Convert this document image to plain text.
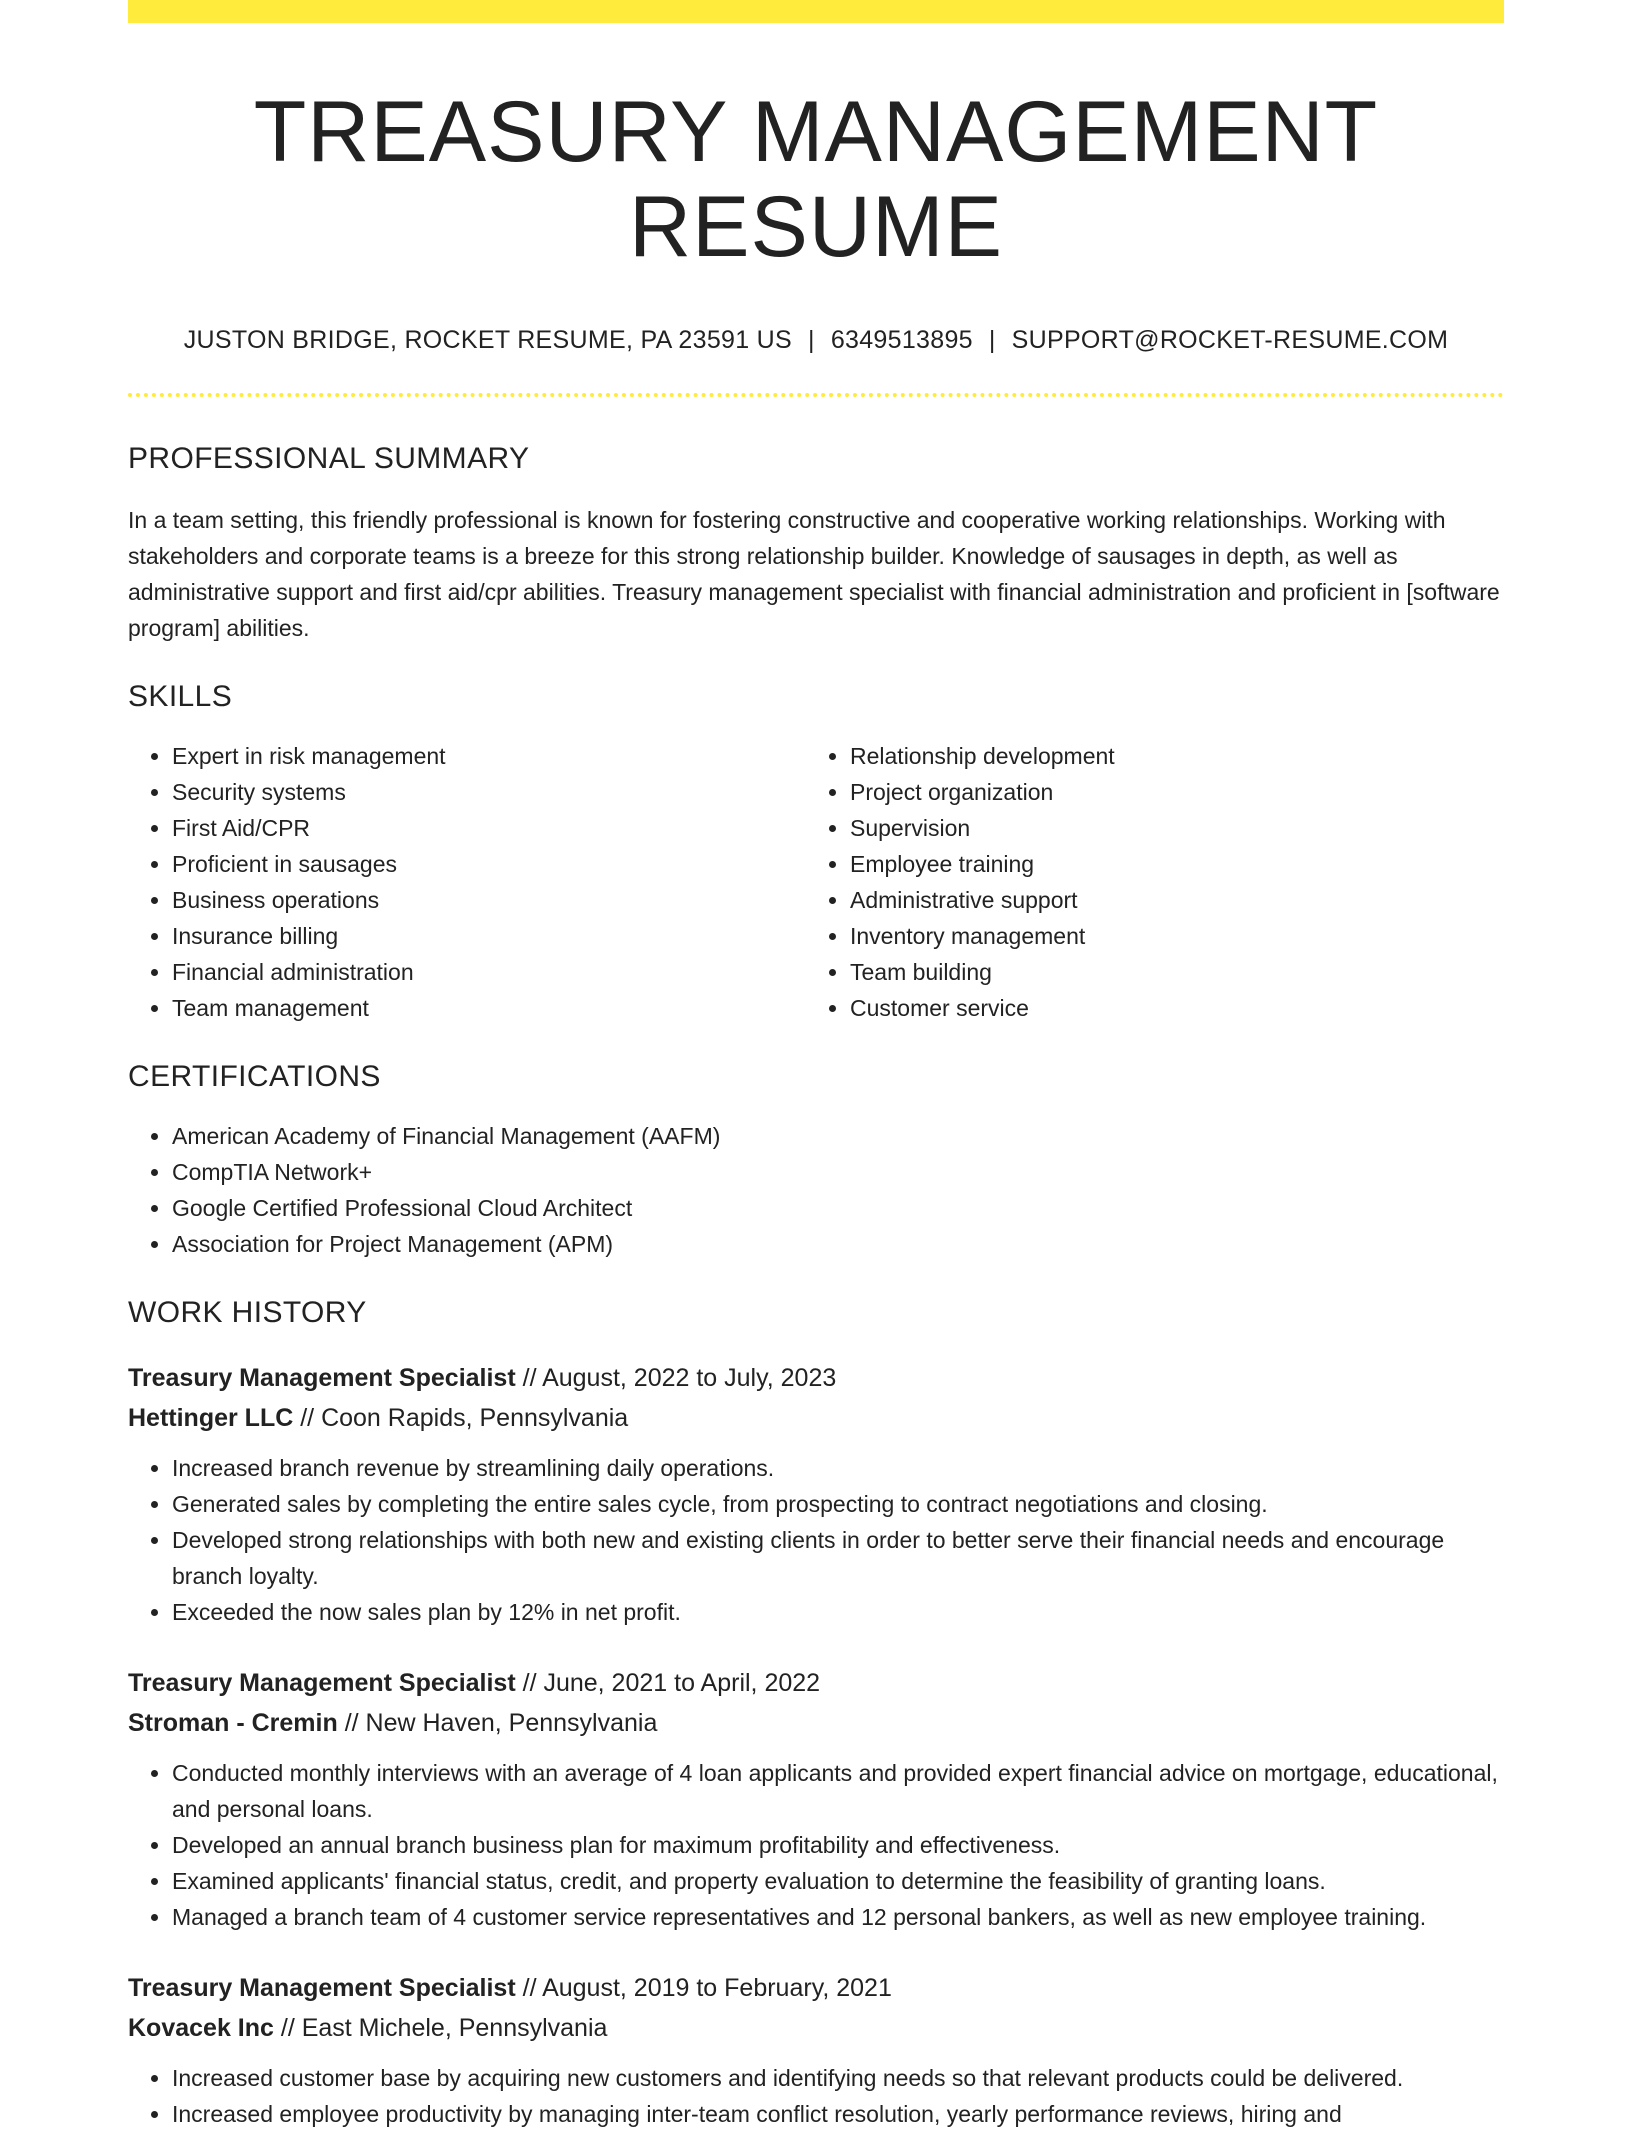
TREASURY MANAGEMENT RESUME
JUSTON BRIDGE, ROCKET RESUME, PA 23591 US | 6349513895 | SUPPORT@ROCKET-RESUME.COM
PROFESSIONAL SUMMARY
In a team setting, this friendly professional is known for fostering constructive and cooperative working relationships. Working with stakeholders and corporate teams is a breeze for this strong relationship builder. Knowledge of sausages in depth, as well as administrative support and first aid/cpr abilities. Treasury management specialist with financial administration and proficient in [software program] abilities.
SKILLS
• Expert in risk management
• Security systems
• First Aid/CPR
• Proficient in sausages
• Business operations
• Insurance billing
• Financial administration
• Team management
• Relationship development
• Project organization
• Supervision
• Employee training
• Administrative support
• Inventory management
• Team building
• Customer service
CERTIFICATIONS
• American Academy of Financial Management (AAFM)
• CompTIA Network+
• Google Certified Professional Cloud Architect
• Association for Project Management (APM)
WORK HISTORY
Treasury Management Specialist // August, 2022 to July, 2023
Hettinger LLC // Coon Rapids, Pennsylvania
• Increased branch revenue by streamlining daily operations.
• Generated sales by completing the entire sales cycle, from prospecting to contract negotiations and closing.
• Developed strong relationships with both new and existing clients in order to better serve their financial needs and encourage branch loyalty.
• Exceeded the now sales plan by 12% in net profit.
Treasury Management Specialist // June, 2021 to April, 2022
Stroman - Cremin // New Haven, Pennsylvania
• Conducted monthly interviews with an average of 4 loan applicants and provided expert financial advice on mortgage, educational, and personal loans.
• Developed an annual branch business plan for maximum profitability and effectiveness.
• Examined applicants' financial status, credit, and property evaluation to determine the feasibility of granting loans.
• Managed a branch team of 4 customer service representatives and 12 personal bankers, as well as new employee training.
Treasury Management Specialist // August, 2019 to February, 2021
Kovacek Inc // East Michele, Pennsylvania
• Increased customer base by acquiring new customers and identifying needs so that relevant products could be delivered.
• Increased employee productivity by managing inter-team conflict resolution, yearly performance reviews, hiring and
